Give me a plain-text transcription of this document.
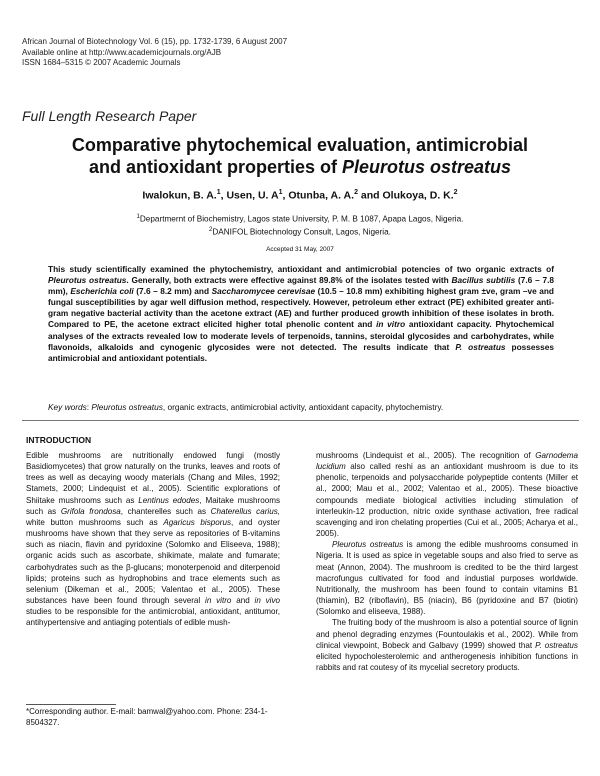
African Journal of Biotechnology Vol. 6 (15), pp. 1732-1739, 6 August 2007
Available online at http://www.academicjournals.org/AJB
ISSN 1684–5315 © 2007 Academic Journals
Full Length Research Paper
Comparative phytochemical evaluation, antimicrobial
and antioxidant properties of Pleurotus ostreatus
Iwalokun, B. A.$^1$, Usen, U. $A^1$, Otunba, A. A.$^2$ and Olukoya, D. K.$^2$
$^1$Departmernt of Biochemistry, Lagos state University, P. M. B 1087, Apapa Lagos, Nigeria.
$^2$DANIFOL Biotechnology Consult, Lagos, Nigeria.
Accepted 31 May, 2007
This study scientifically examined the phytochemistry, antioxidant and antimicrobial potencies of two organic extracts of Pleurotus ostreatus. Generally, both extracts were effective against 89.8% of the isolates tested with Bacillus subtilis (7.6 – 7.8 mm), Escherichia coli (7.6 – 8.2 mm) and Saccharomycee cerevisae (10.5 – 10.8 mm) exhibiting highest gram ±ve, gram –ve and fungal susceptibilities by agar well diffusion method, respectively. However, petroleum ether extract (PE) exhibited greater anti-gram negative bacterial activity than the acetone extract (AE) and further produced growth inhibition of these isolates in broth. Compared to PE, the acetone extract elicited higher total phenolic content and in vitro antioxidant capacity. Phytochemical analyses of the extracts revealed low to moderate levels of terpenoids, tannins, steroidal glycosides and carbohydrates, while flavonoids, alkaloids and cynogenic glycosides were not detected. The results indicate that P. ostreatus possesses antimicrobial and antioxidant potentials.
Key words: Pleurotus ostreatus, organic extracts, antimicrobial activity, antioxidant capacity, phytochemistry.
INTRODUCTION

Edible mushrooms are nutritionally endowed fungi (mostly Basidiomycetes) that grow naturally on the trunks, leaves and roots of trees as well as decaying woody materials (Chang and Miles, 1992; Stamets, 2000; Lindequist et al., 2005). Scientific explorations of Shiitake mushrooms such as Lentinus edodes, Maitake mushrooms such as Grifola frondosa, chanterelles such as Chaterellus carius, white button mushrooms such as Agaricus bisporus, and oyster mushrooms have shown that they serve as repositories of B-vitamins such as niacin, flavin and pyridoxine (Solomko and Eliseeva, 1988); organic acids such as ascorbate, shikimate, malate and fumarate; carbohydrates such as the β-glucans; monoterpenoid and diterpenoid lipids; proteins such as hydrophobins and trace elements such as selenium (Dikeman et al., 2005; Valentao et al., 2005). These substances have been found through several in vitro and in vivo studies to be responsible for the antimicrobial, antioxidant, antitumor, antihypertensive and antiaging potentials of edible mush-

*Corresponding author. E-mail: bamwal@yahoo.com. Phone: 234-1-8504327.

mushrooms (Lindequist et al., 2005). The recognition of Garnodema lucidium also called reshi as an antioxidant mushroom is due to its phenolic, terpenoids and polysaccharide polypeptide contents (Miller et al., 2000; Mau et al., 2002; Valentao et al., 2005). These bioactive compounds mediate biological activities including stimulation of interleukin-12 production, nitric oxide synthase activation, free radical scavenging and iron chelating properties (Cui et al., 2005; Acharya et al., 2005).

Pleurotus ostreatus is among the edible mushrooms consumed in Nigeria. It is used as spice in vegetable soups and also fried to serve as meat (Annon, 2004). The mushroom is credited to be the third largest macrofungus cultivated for food and industial purposes worldwide. Nutritionally, the mushroom has been found to contain vitamins B1 (thiamin), B2 (riboflavin), B5 (niacin), B6 (pyridoxine and B7 (biotin) (Solomko and eliseeva, 1988).

The fruiting body of the mushroom is also a potential source of lignin and phenol degrading enzymes (Fountoulakis et al., 2002). While from clinical viewpoint, Bobeck and Galbavy (1999) showed that P. ostreatus elicited hypocholesterolemic and antherogenesis inhibition functions in rabbits and rat coutesy of its mycelial secretory products.
